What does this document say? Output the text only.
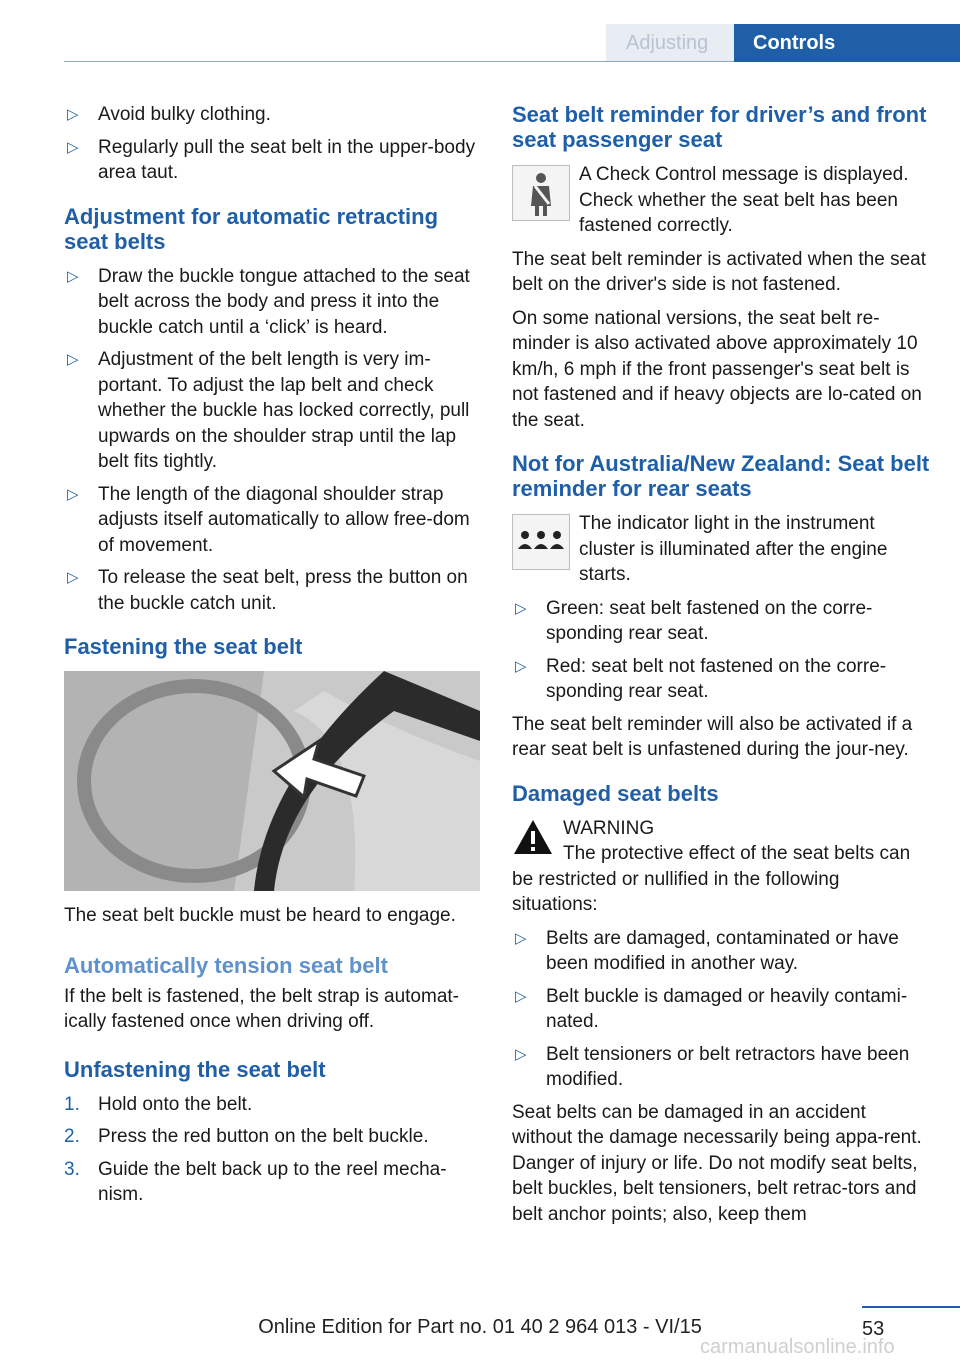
Adjusting Controls
▷ Avoid bulky clothing.
▷ Regularly pull the seat belt in the upper-body area taut.
Adjustment for automatic retracting seat belts
▷ Draw the buckle tongue attached to the seat belt across the body and press it into the buckle catch until a ‘click’ is heard.
▷ Adjustment of the belt length is very im-portant. To adjust the lap belt and check whether the buckle has locked correctly, pull upwards on the shoulder strap until the lap belt fits tightly.
▷ The length of the diagonal shoulder strap adjusts itself automatically to allow free-dom of movement.
▷ To release the seat belt, press the button on the buckle catch unit.
Fastening the seat belt

The seat belt buckle must be heard to engage.

Automatically tension seat belt

If the belt is fastened, the belt strap is automat-ically fastened once when driving off.

Unfastening the seat belt
1. Hold onto the belt.
2. Press the red button on the belt buckle.
3. Guide the belt back up to the reel mecha-nism.
Seat belt reminder for driver’s and front seat passenger seat

A Check Control message is displayed. Check whether the seat belt has been fastened correctly.

The seat belt reminder is activated when the seat belt on the driver's side is not fastened.

On some national versions, the seat belt re-minder is also activated above approximately 10 km/h, 6 mph if the front passenger's seat belt is not fastened and if heavy objects are lo-cated on the seat.

Not for Australia/New Zealand: Seat belt reminder for rear seats

The indicator light in the instrument cluster is illuminated after the engine starts.

▷ Green: seat belt fastened on the corre-sponding rear seat.
▷ Red: seat belt not fastened on the corre-sponding rear seat.

The seat belt reminder will also be activated if a rear seat belt is unfastened during the jour-ney.

Damaged seat belts
WARNING

The protective effect of the seat belts can be restricted or nullified in the following situations:

▷ Belts are damaged, contaminated or have been modified in another way.
▷ Belt buckle is damaged or heavily contami-nated.
▷ Belt tensioners or belt retractors have been modified.

Seat belts can be damaged in an accident without the damage necessarily being appa-rent. Danger of injury or life. Do not modify seat belts, belt buckles, belt tensioners, belt retrac-tors and belt anchor points; also, keep them

53
Online Edition for Part no. 01 40 2 964 013 - VI/15
carmanualsonline.info
